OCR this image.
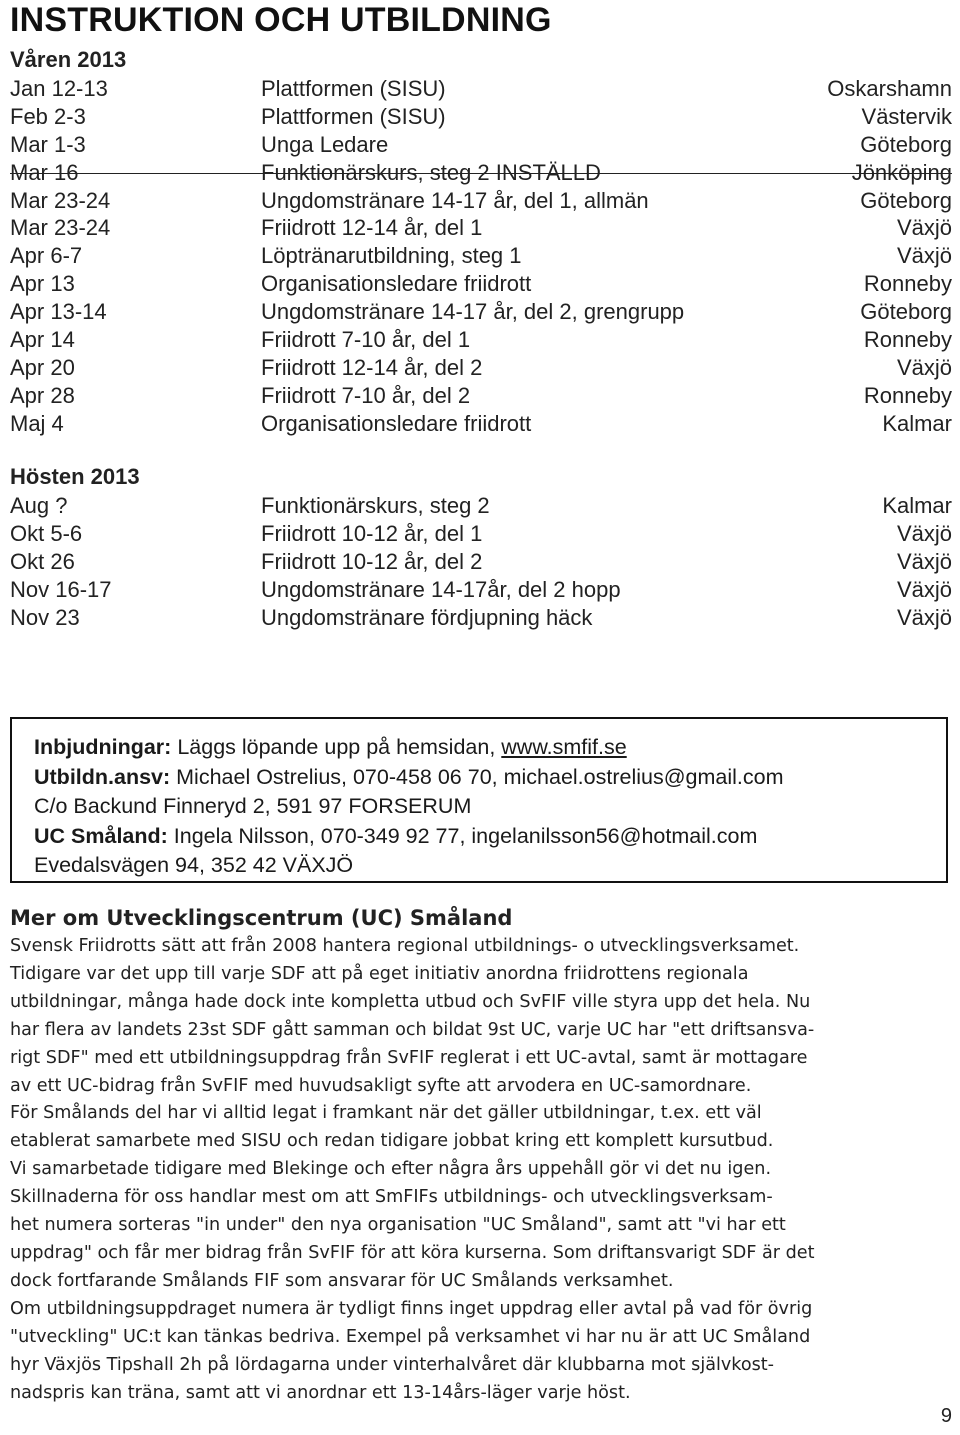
INSTRUKTION OCH UTBILDNING
Våren 2013
Jan 12-13	Plattformen (SISU)	Oskarshamn
Feb 2-3	Plattformen (SISU)	Västervik
Mar 1-3	Unga Ledare	Göteborg
Mar 16	Funktionärskurs, steg 2 INSTÄLLD	Jönköping
Mar 23-24	Ungdomstränare 14-17 år, del 1, allmän	Göteborg
Mar 23-24	Friidrott 12-14 år, del 1	Växjö
Apr 6-7	Löptränarutbildning, steg 1	Växjö
Apr 13	Organisationsledare friidrott	Ronneby
Apr 13-14	Ungdomstränare 14-17 år, del 2, grengrupp	Göteborg
Apr 14	Friidrott 7-10 år, del 1	Ronneby
Apr 20	Friidrott 12-14 år, del 2	Växjö
Apr 28	Friidrott 7-10 år, del 2	Ronneby
Maj 4	Organisationsledare friidrott	Kalmar
Hösten 2013
Aug ?	Funktionärskurs, steg 2	Kalmar
Okt 5-6	Friidrott 10-12 år, del 1	Växjö
Okt 26	Friidrott 10-12 år, del 2	Växjö
Nov 16-17	Ungdomstränare 14-17år, del 2 hopp	Växjö
Nov 23	Ungdomstränare fördjupning häck	Växjö
Inbjudningar: Läggs löpande upp på hemsidan, www.smfif.se
Utbildn.ansv: Michael Ostrelius, 070-458 06 70, michael.ostrelius@gmail.com
C/o Backund Finneryd 2, 591 97 FORSERUM
UC Småland: Ingela Nilsson, 070-349 92 77, ingelanilsson56@hotmail.com
Evedalsvägen 94, 352 42 VÄXJÖ
Mer om Utvecklingscentrum (UC) Småland
Svensk Friidrotts sätt att från 2008 hantera regional utbildnings- o utvecklingsverksamet.
Tidigare var det upp till varje SDF att på eget initiativ anordna friidrottens regionala
utbildningar, många hade dock inte kompletta utbud och SvFIF ville styra upp det hela. Nu
har flera av landets 23st SDF gått samman och bildat 9st UC, varje UC har "ett driftsansva-
rigt SDF" med ett utbildningsuppdrag från SvFIF reglerat i ett UC-avtal, samt är mottagare
av ett UC-bidrag från SvFIF med huvudsakligt syfte att arvodera en UC-samordnare.
För Smålands del har vi alltid legat i framkant när det gäller utbildningar, t.ex. ett väl
etablerat samarbete med SISU och redan tidigare jobbat kring ett komplett kursutbud.
Vi samarbetade tidigare med Blekinge och efter några års uppehåll gör vi det nu igen.
Skillnaderna för oss handlar mest om att SmFIFs utbildnings- och utvecklingsverksam-
het numera sorteras "in under" den nya organisation "UC Småland", samt att "vi har ett
uppdrag" och får mer bidrag från SvFIF för att köra kurserna. Som driftansvarigt SDF är det
dock fortfarande Smålands FIF som ansvarar för UC Smålands verksamhet.
Om utbildningsuppdraget numera är tydligt finns inget uppdrag eller avtal på vad för övrig
"utveckling" UC:t kan tänkas bedriva. Exempel på verksamhet vi har nu är att UC Småland
hyr Växjös Tipshall 2h på lördagarna under vinterhalvåret där klubbarna mot självkost-
nadspris kan träna, samt att vi anordnar ett 13-14års-läger varje höst.
9
